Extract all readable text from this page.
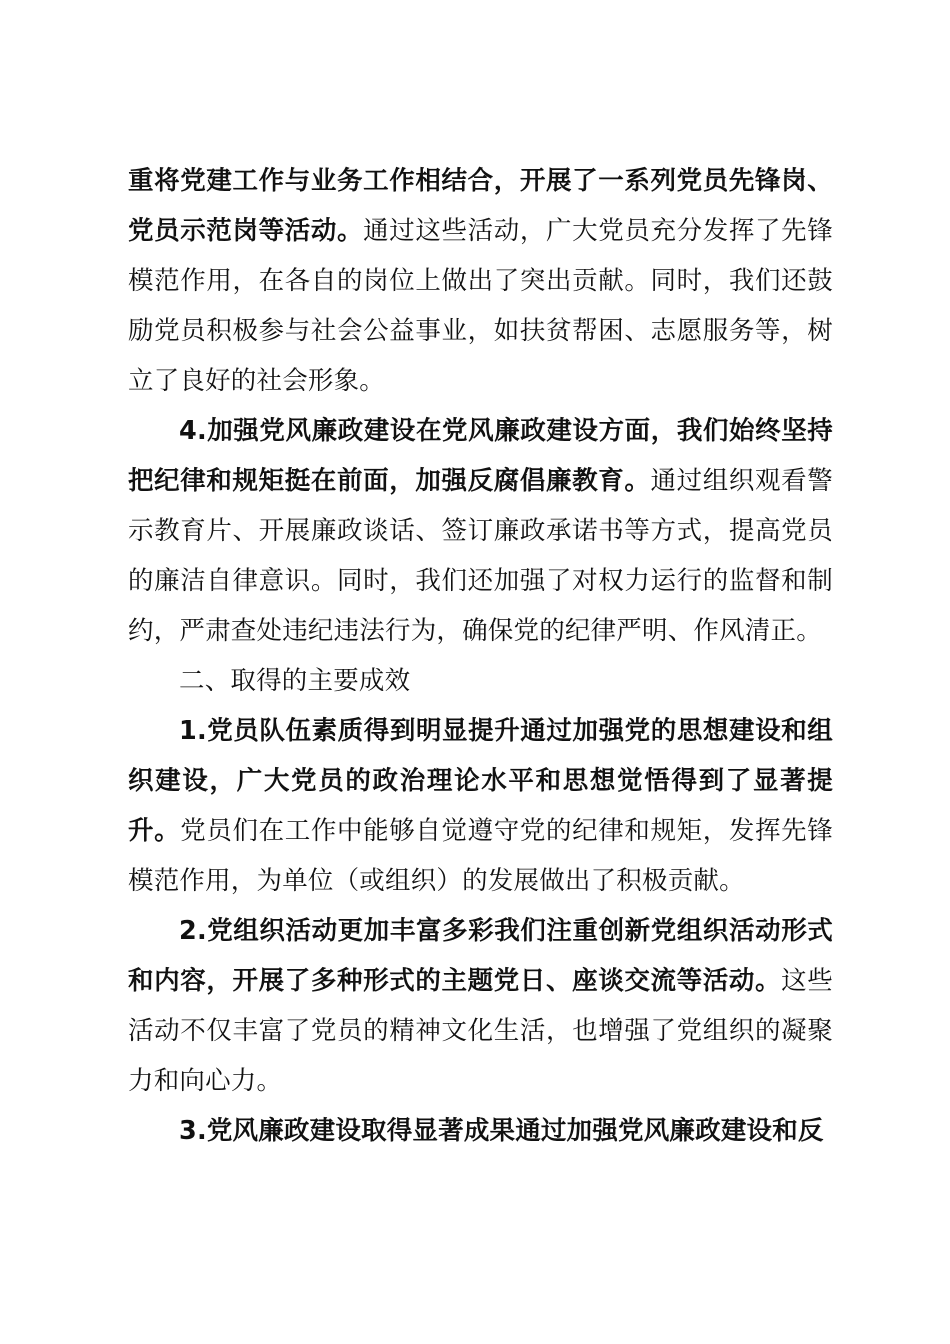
重将党建工作与业务工作相结合，开展了一系列党员先锋岗、党员示范岗等活动。通过这些活动，广大党员充分发挥了先锋模范作用，在各自的岗位上做出了突出贡献。同时，我们还鼓励党员积极参与社会公益事业，如扶贫帮困、志愿服务等，树立了良好的社会形象。

4.加强党风廉政建设在党风廉政建设方面，我们始终坚持把纪律和规矩挺在前面，加强反腐倡廉教育。通过组织观看警示教育片、开展廉政谈话、签订廉政承诺书等方式，提高党员的廉洁自律意识。同时，我们还加强了对权力运行的监督和制约，严肃查处违纪违法行为，确保党的纪律严明、作风清正。

二、取得的主要成效

1.党员队伍素质得到明显提升通过加强党的思想建设和组织建设，广大党员的政治理论水平和思想觉悟得到了显著提升。党员们在工作中能够自觉遵守党的纪律和规矩，发挥先锋模范作用，为单位（或组织）的发展做出了积极贡献。

2.党组织活动更加丰富多彩我们注重创新党组织活动形式和内容，开展了多种形式的主题党日、座谈交流等活动。这些活动不仅丰富了党员的精神文化生活，也增强了党组织的凝聚力和向心力。

3.党风廉政建设取得显著成果通过加强党风廉政建设和反
